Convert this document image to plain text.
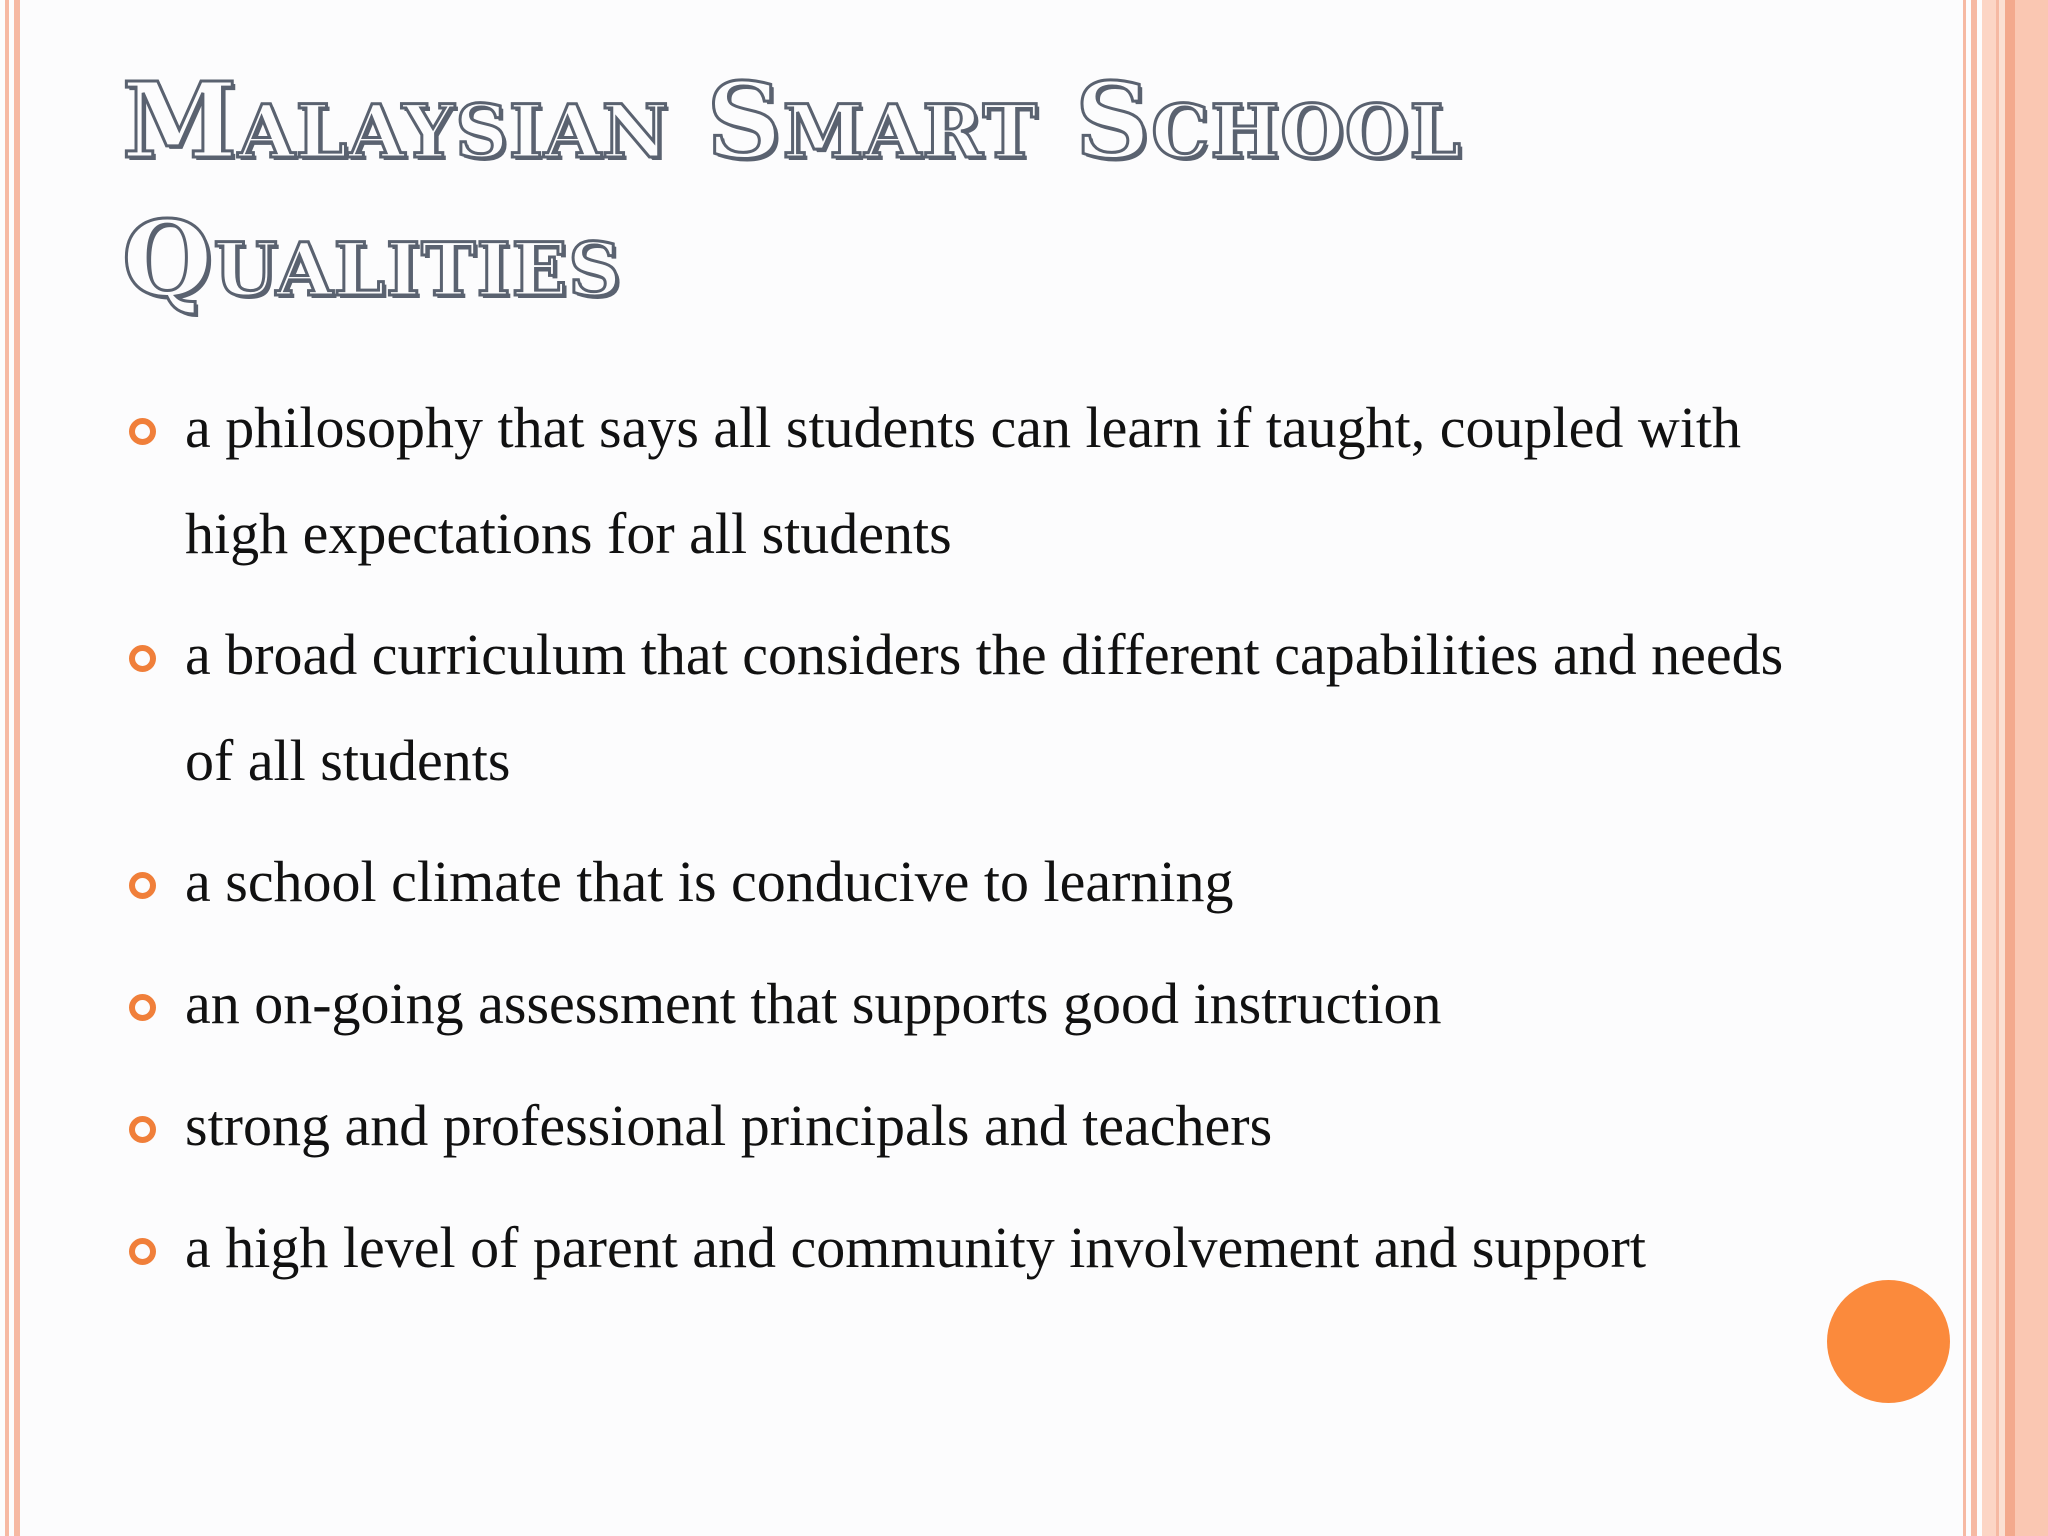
Malaysian Smart School Qualities
a philosophy that says all students can learn if taught, coupled with high expectations for all students
a broad curriculum that considers the different capabilities and needs of all students
a school climate that is conducive to learning
an on-going assessment that supports good instruction
strong and professional principals and teachers
a high level of parent and community involvement and support
